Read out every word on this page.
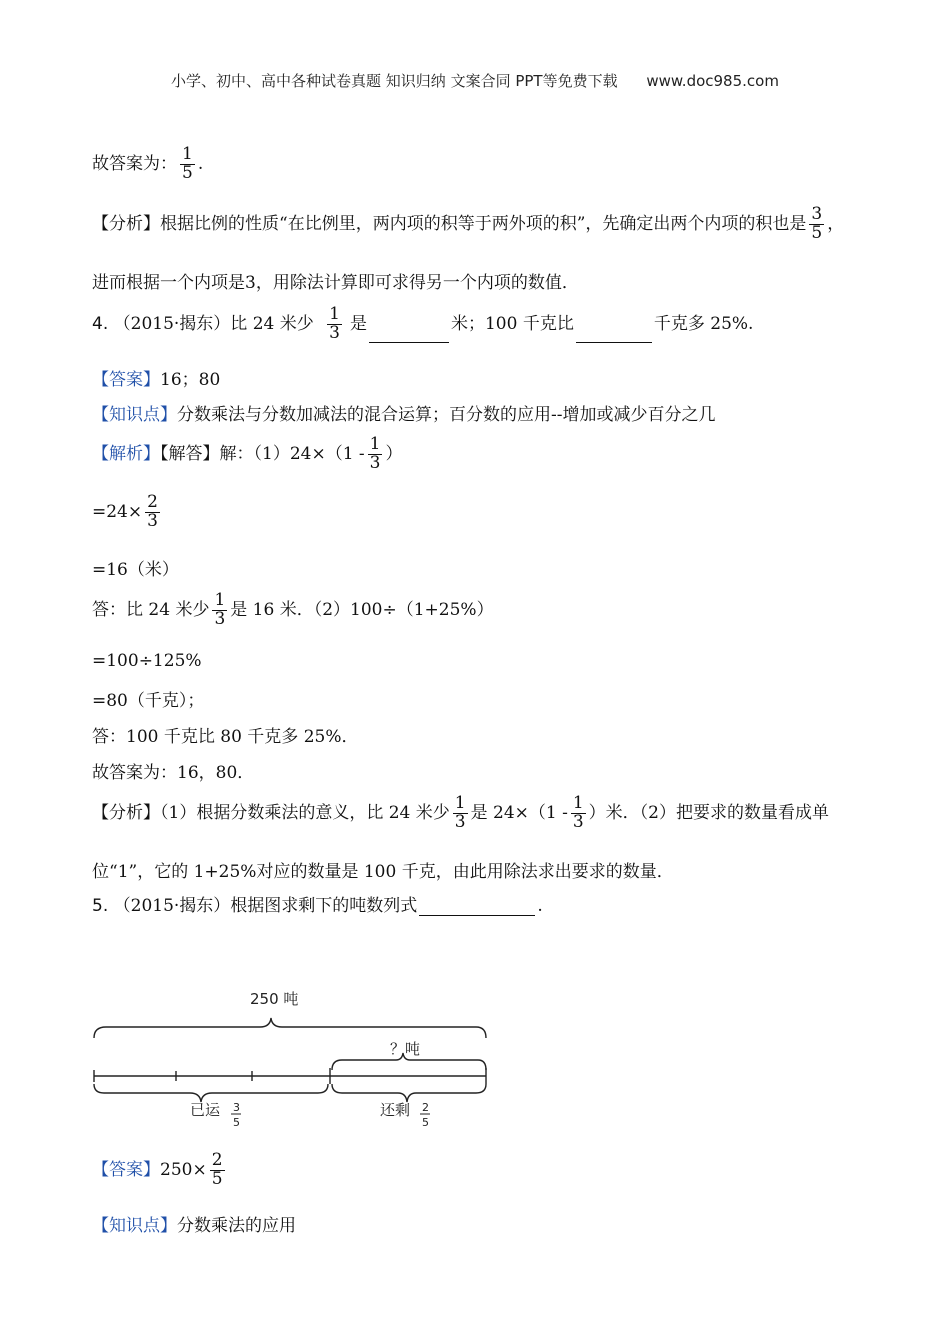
小学、初中、高中各种试卷真题 知识归纳 文案合同 PPT等免费下载 www.doc985.com
故答案为： $\frac{1}{5}$ .
【分析】根据比例的性质“在比例里，两内项的积等于两外项的积”，先确定出两个内项的积也是 $\frac{3}{5}$ ，
进而根据一个内项是3，用除法计算即可求得另一个内项的数值．
4. （2015·揭东）比 24 米少 $\frac{1}{3}$ 是	米；100 千克比	千克多 25%.
【答案】16；80
【知识点】分数乘法与分数加减法的混合运算；百分数的应用--增加或减少百分之几
【解析】【解答】解：$(1)24\times(1 - \frac{1}{3}$ ）
$=24\times \frac{2}{3}$
=16（米）
答：比 24 米少 $\frac{1}{3}$ 是 16 米．（2）100÷（1+25%）
=100÷125%
=80（千克）；
答：100 千克比 80 千克多 25%．
故答案为：16，80．
【分析】（1）根据分数乘法的意义，比 24 米少 $\frac{1}{3}$ 是 $24\times(1 - \frac{1}{3}$ ）米．（2）把要求的数量看成单
位“1”，它的 1+25%对应的数量是 100 千克，由此用除法求出要求的数量．
5. （2015·揭东）根据图求剩下的吨数列式	.
250 吨
？吨
已运 3
5
还剩 2
5
【答案】$250\times \frac{2}{5}$
【知识点】分数乘法的应用
